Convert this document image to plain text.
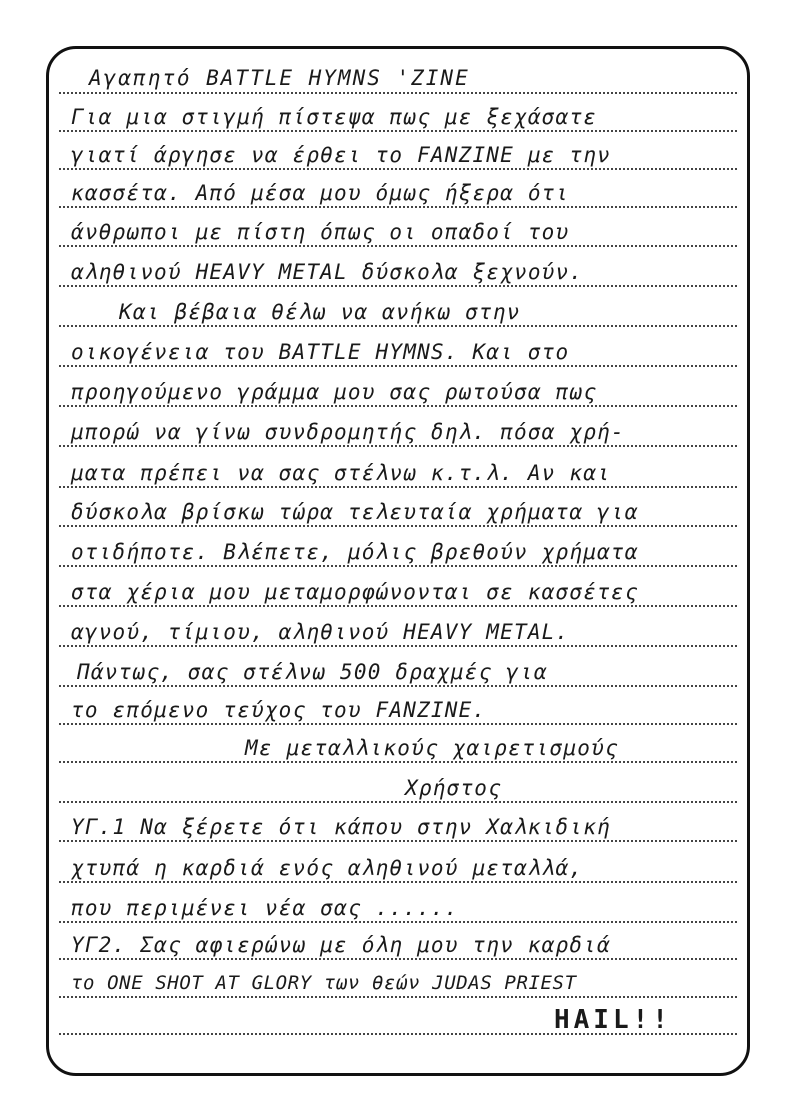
Αγαπητό BATTLE HYMNS 'ZINE
Για μια στιγμή πίστεψα πως με ξεχάσατε
γιατί άργησε να έρθει το FANZINE με την
κασσέτα. Από μέσα μου όμως ήξερα ότι
άνθρωποι με πίστη όπως οι οπαδοί του
αληθινού HEAVY METAL δύσκολα ξεχνούν.
Και βέβαια θέλω να ανήκω στην
οικογένεια του BATTLE HYMNS. Και στο
προηγούμενο γράμμα μου σας ρωτούσα πως
μπορώ να γίνω συνδρομητής δηλ. πόσα χρή-
ματα πρέπει να σας στέλνω κ.τ.λ. Αν και
δύσκολα βρίσκω τώρα τελευταία χρήματα για
οτιδήποτε. Βλέπετε, μόλις βρεθούν χρήματα
στα χέρια μου μεταμορφώνονται σε κασσέτες
αγνού, τίμιου, αληθινού HEAVY METAL.
Πάντως, σας στέλνω 500 δραχμές για
το επόμενο τεύχος του FANZINE.
Με μεταλλικούς χαιρετισμούς
Χρήστος
ΥΓ.1 Να ξέρετε ότι κάπου στην Χαλκιδική
χτυπά η καρδιά ενός αληθινού μεταλλά,
που περιμένει νέα σας ......
ΥΓ2. Σας αφιερώνω με όλη μου την καρδιά
το ONE SHOT AT GLORY των θεών JUDAS PRIEST
HAIL!!
